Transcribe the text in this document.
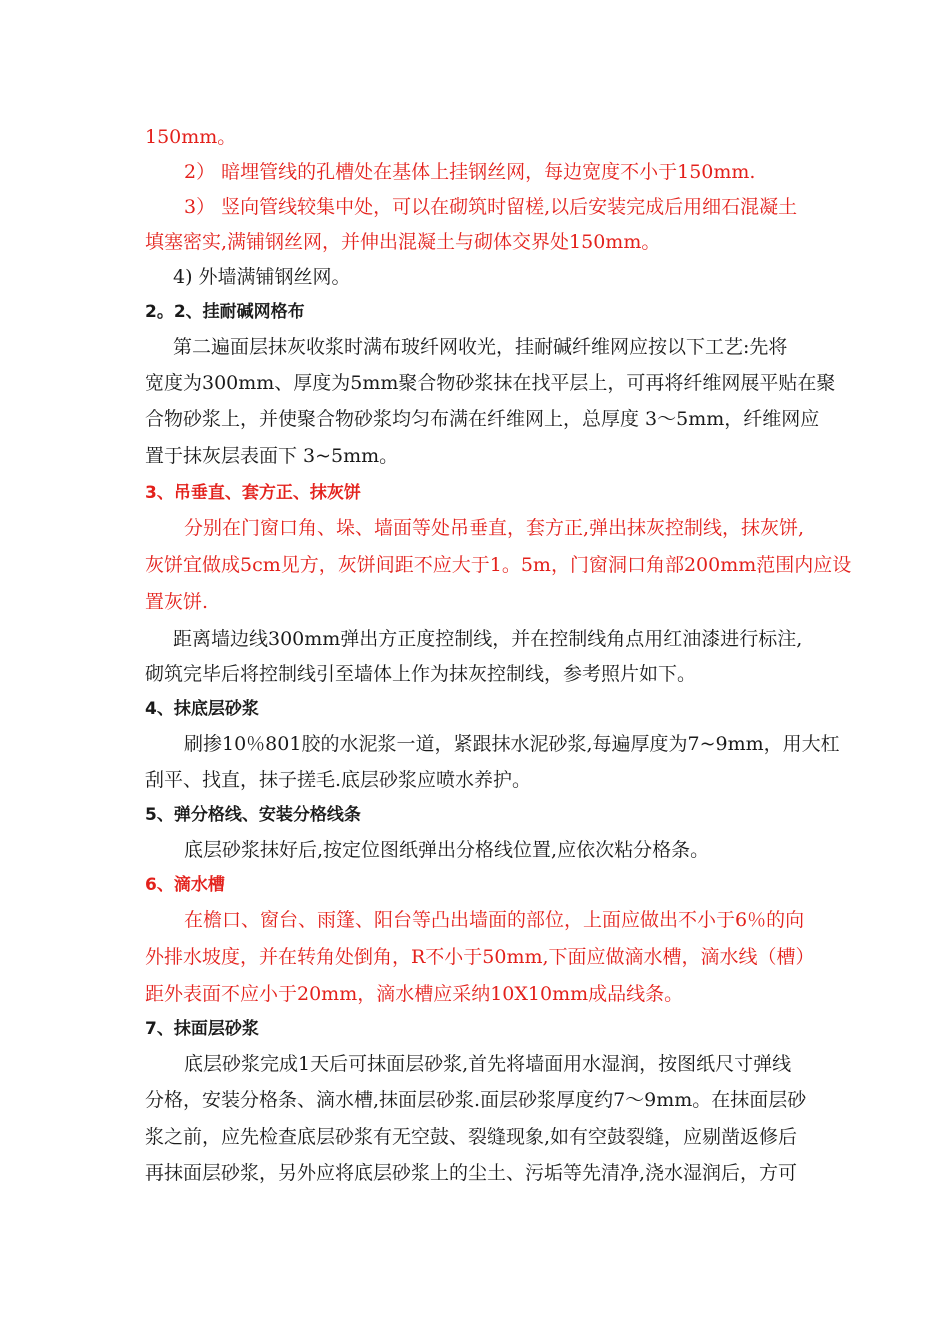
150mm。
2） 暗埋管线的孔槽处在基体上挂钢丝网，每边宽度不小于150mm.
3） 竖向管线较集中处，可以在砌筑时留槎,以后安装完成后用细石混凝土
填塞密实,满铺钢丝网，并伸出混凝土与砌体交界处150mm。
4) 外墙满铺钢丝网。
2。2、挂耐碱网格布
第二遍面层抹灰收浆时满布玻纤网收光，挂耐碱纤维网应按以下工艺:先将
宽度为300mm、厚度为5mm聚合物砂浆抹在找平层上，可再将纤维网展平贴在聚
合物砂浆上，并使聚合物砂浆均匀布满在纤维网上，总厚度 3～5mm，纤维网应
置于抹灰层表面下 3~5mm。
3、吊垂直、套方正、抹灰饼
分别在门窗口角、垛、墙面等处吊垂直，套方正,弹出抹灰控制线，抹灰饼,
灰饼宜做成5cm见方，灰饼间距不应大于1。5m，门窗洞口角部200mm范围内应设
置灰饼.
距离墙边线300mm弹出方正度控制线，并在控制线角点用红油漆进行标注,
砌筑完毕后将控制线引至墙体上作为抹灰控制线，参考照片如下。
4、抹底层砂浆
刷掺10％801胶的水泥浆一道，紧跟抹水泥砂浆,每遍厚度为7~9mm，用大杠
刮平、找直，抹子搓毛.底层砂浆应喷水养护。
5、弹分格线、安装分格线条
底层砂浆抹好后,按定位图纸弹出分格线位置,应依次粘分格条。
6、滴水槽
在檐口、窗台、雨篷、阳台等凸出墙面的部位，上面应做出不小于6％的向
外排水坡度，并在转角处倒角，R不小于50mm,下面应做滴水槽，滴水线（槽）
距外表面不应小于20mm，滴水槽应采纳10X10mm成品线条。
7、抹面层砂浆
底层砂浆完成1天后可抹面层砂浆,首先将墙面用水湿润，按图纸尺寸弹线
分格，安装分格条、滴水槽,抹面层砂浆.面层砂浆厚度约7～9mm。在抹面层砂
浆之前，应先检查底层砂浆有无空鼓、裂缝现象,如有空鼓裂缝，应剔凿返修后
再抹面层砂浆，另外应将底层砂浆上的尘土、污垢等先清净,浇水湿润后，方可
